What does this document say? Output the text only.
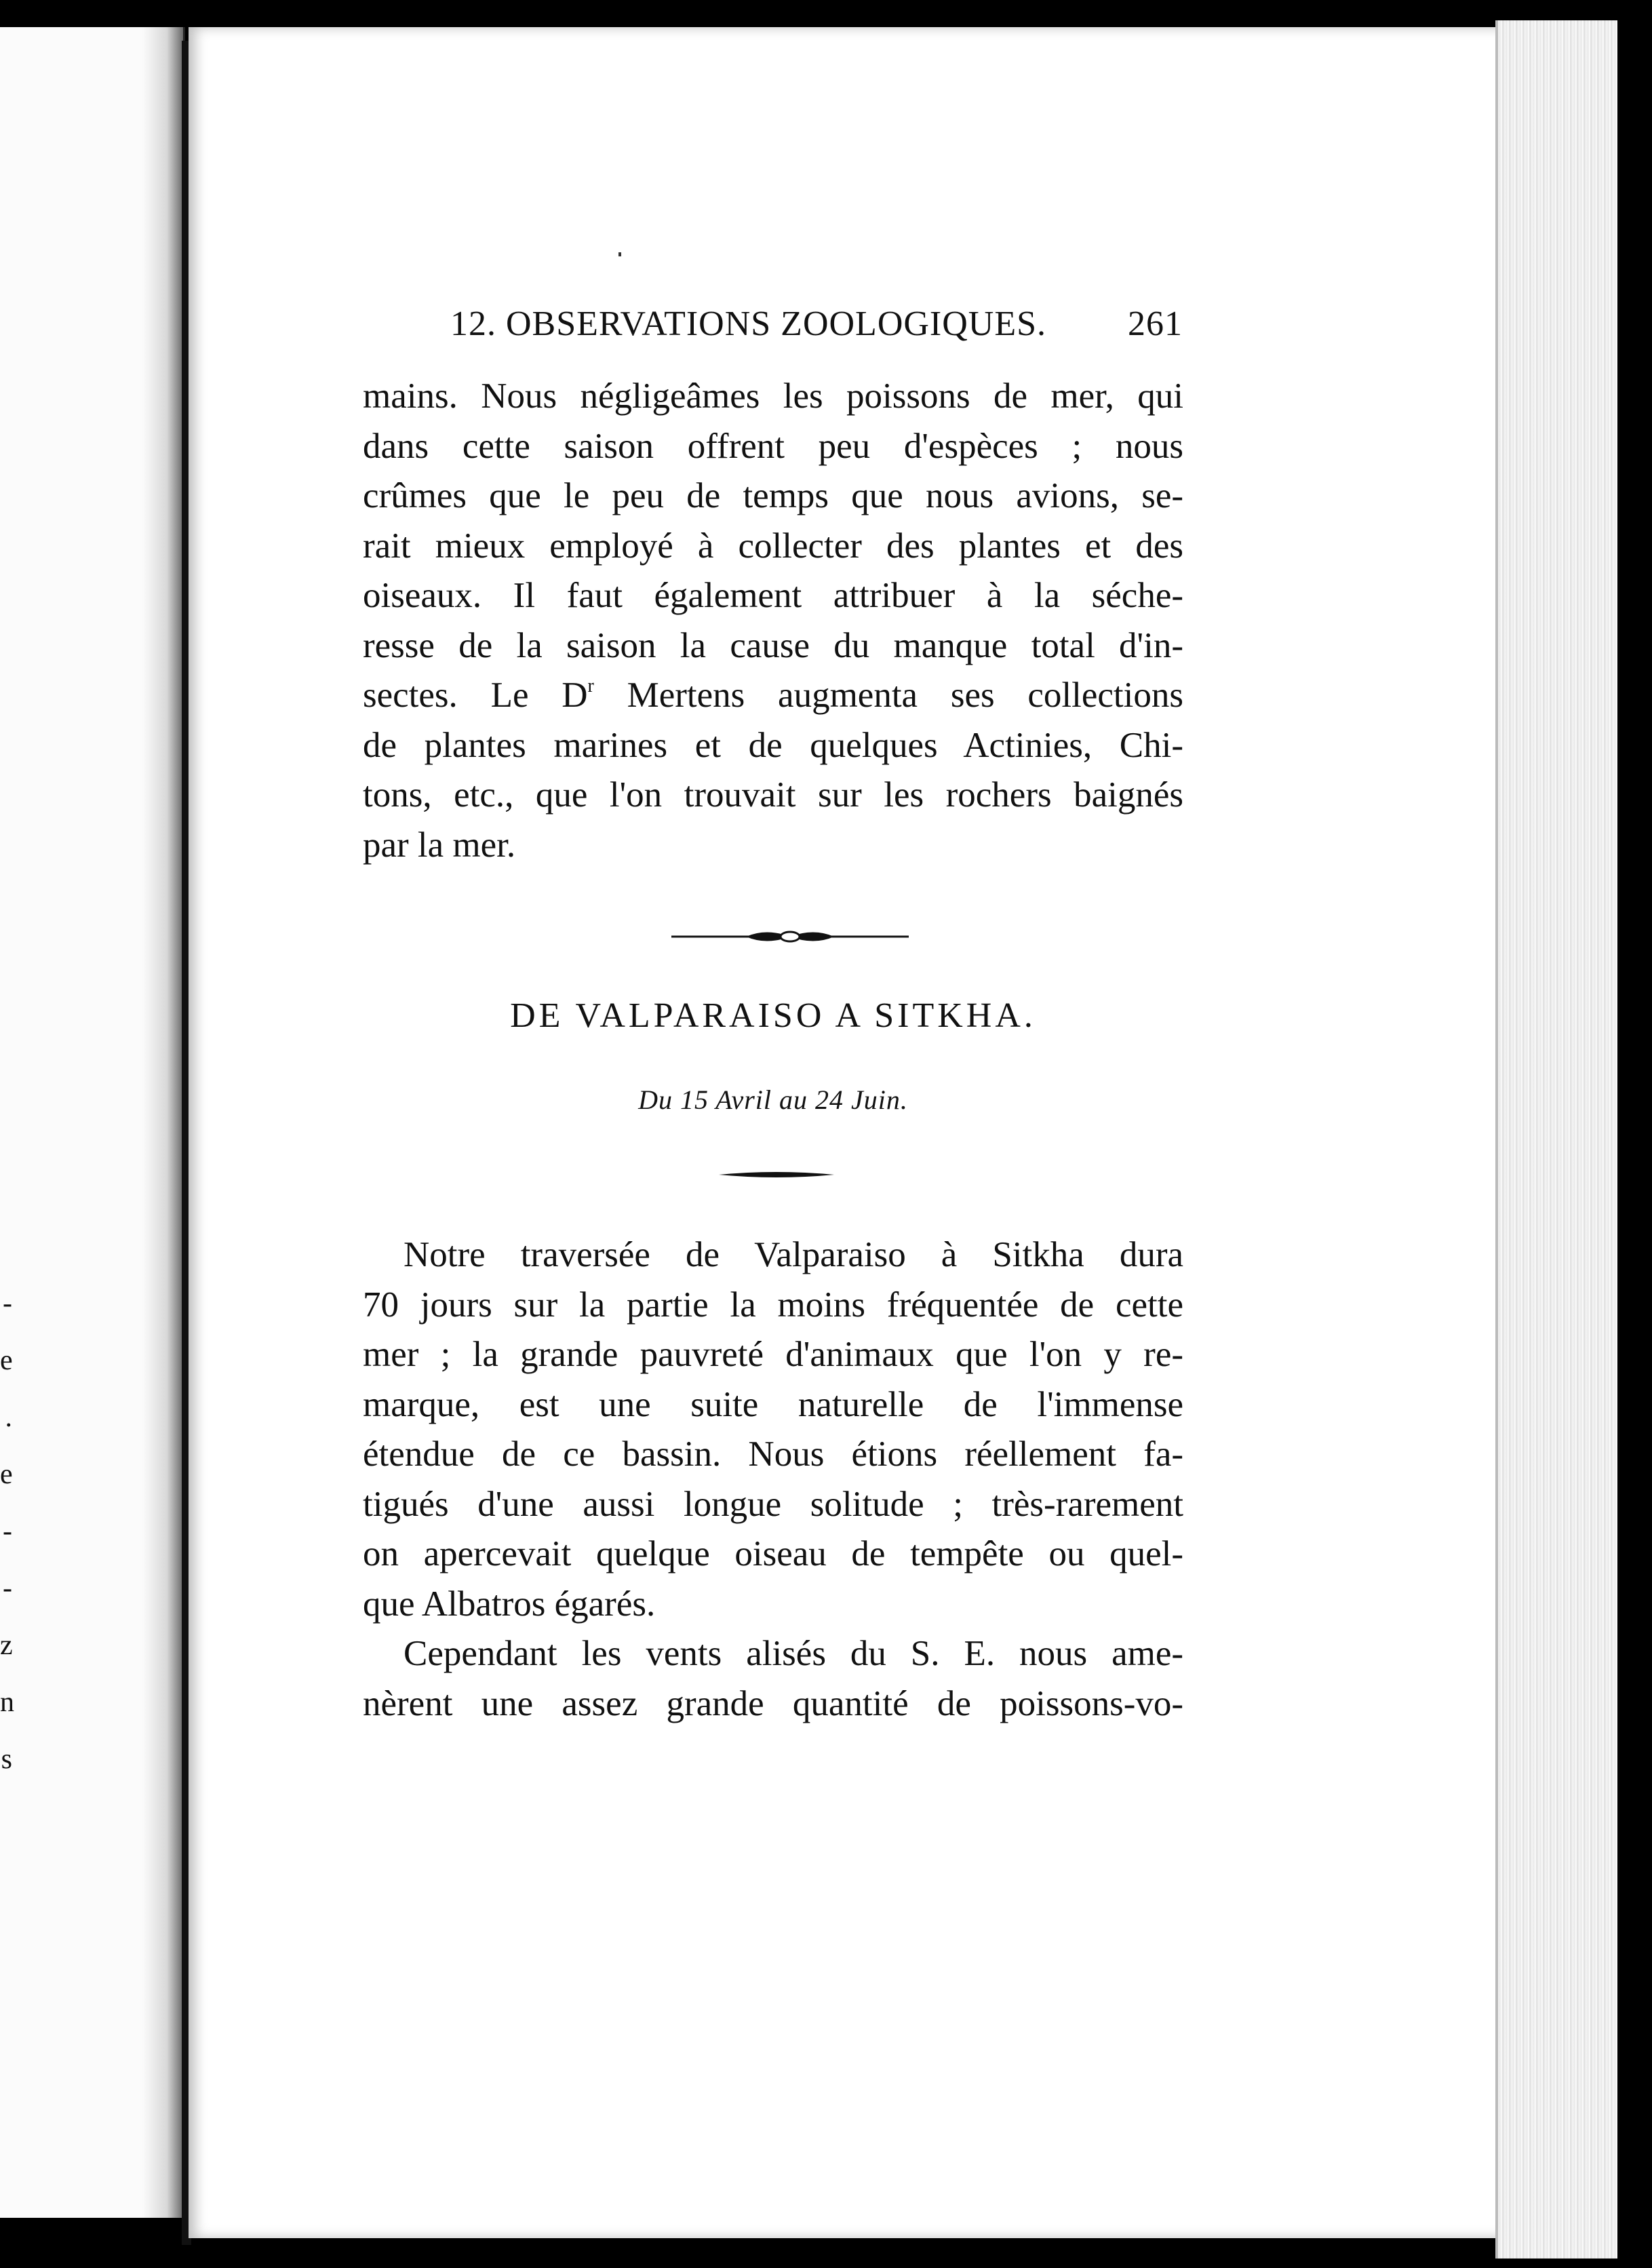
-
e
.
e
-
-
z
n
s
12. OBSERVATIONS ZOOLOGIQUES. 261
mains. Nous négligeâmes les poissons de mer, qui
dans cette saison offrent peu d'espèces ; nous
crûmes que le peu de temps que nous avions, se-
rait mieux employé à collecter des plantes et des
oiseaux. Il faut également attribuer à la séche-
resse de la saison la cause du manque total d'in-
sectes. Le $D^r$ Mertens augmenta ses collections
de plantes marines et de quelques Actinies, Chi-
tons, etc., que l'on trouvait sur les rochers baignés
par la mer.
DE VALPARAISO A SITKHA.
Du 15 Avril au 24 Juin.
Notre traversée de Valparaiso à Sitkha dura
70 jours sur la partie la moins fréquentée de cette
mer ; la grande pauvreté d'animaux que l'on y re-
marque, est une suite naturelle de l'immense
étendue de ce bassin. Nous étions réellement fa-
tigués d'une aussi longue solitude ; très-rarement
on apercevait quelque oiseau de tempête ou quel-
que Albatros égarés.
Cependant les vents alisés du S. E. nous ame-
nèrent une assez grande quantité de poissons-vo-
